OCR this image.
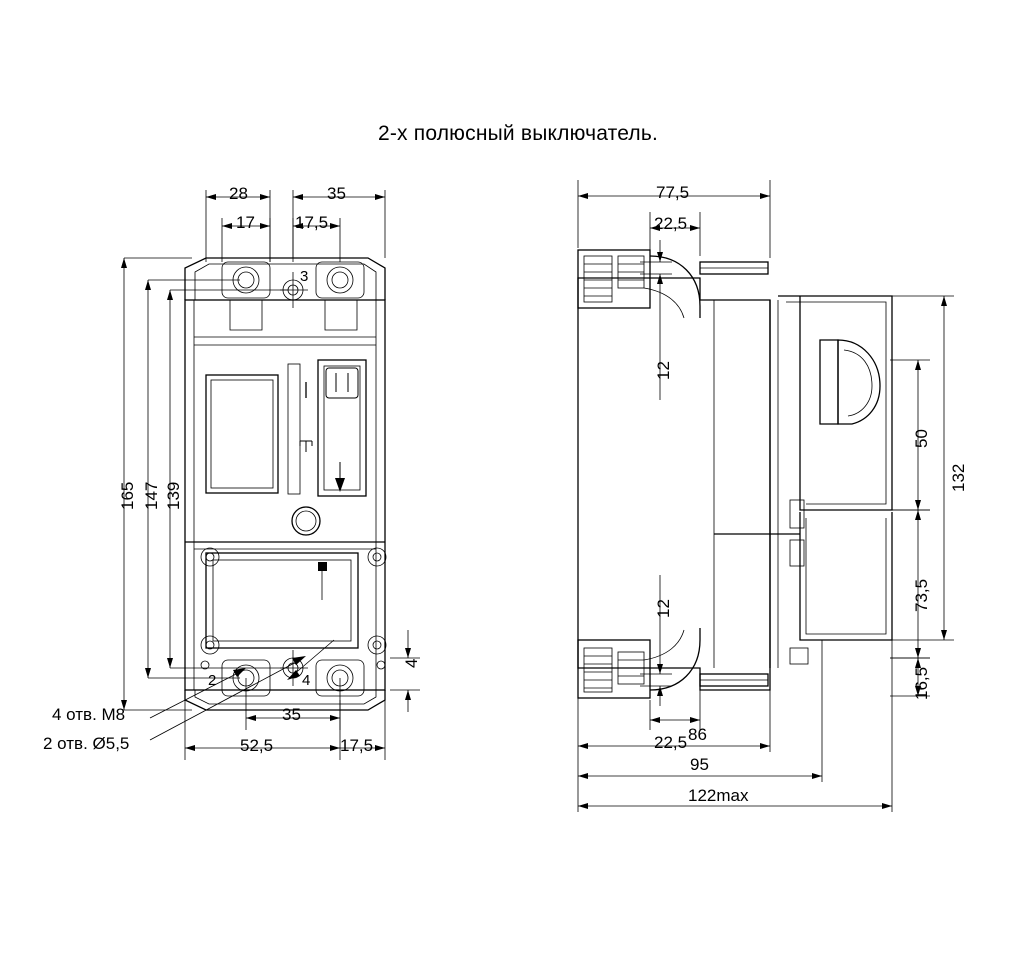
2-х полюсный выключатель.
28	35
17 17,5
165 147 139
4
35
52,5	17,5
4 отв. М8
2 отв. Ø5,5
3
2	4
77,5
22,5
12
12
22,5 86
95
122max
50
132
73,5
16,5
